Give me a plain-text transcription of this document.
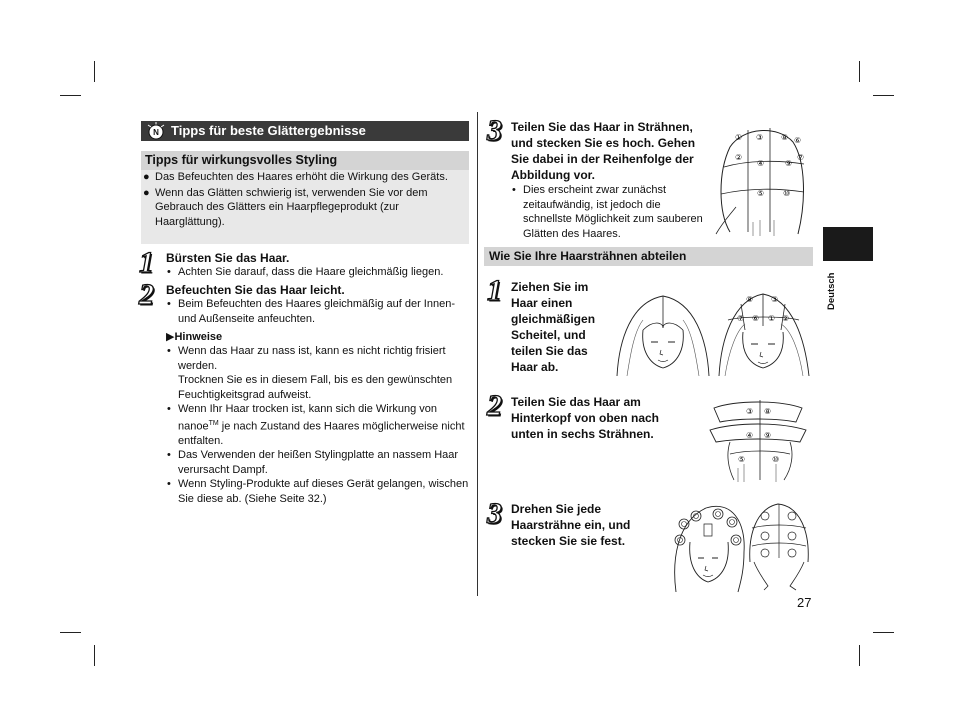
N Tipps für beste Glättergebnisse
Tipps für wirkungsvolles Styling
● Das Befeuchten des Haares erhöht die Wirkung des Geräts.
● Wenn das Glätten schwierig ist, verwenden Sie vor dem Gebrauch des Glätters ein Haarpflegeprodukt (zur Haarglättung).
1 Bürsten Sie das Haar.
• Achten Sie darauf, dass die Haare gleichmäßig liegen.
2 Befeuchten Sie das Haar leicht.
• Beim Befeuchten des Haares gleichmäßig auf der Innen- und Außenseite anfeuchten.
▶Hinweise
• Wenn das Haar zu nass ist, kann es nicht richtig frisiert werden.
Trocknen Sie es in diesem Fall, bis es den gewünschten Feuchtigkeitsgrad aufweist.
• Wenn Ihr Haar trocken ist, kann sich die Wirkung von nanoe™ je nach Zustand des Haares möglicherweise nicht entfalten.
• Das Verwenden der heißen Stylingplatte an nassem Haar verursacht Dampf.
• Wenn Styling-Produkte auf dieses Gerät gelangen, wischen Sie diese ab. (Siehe Seite 32.)
3 Teilen Sie das Haar in Strähnen, und stecken Sie es hoch. Gehen Sie dabei in der Reihenfolge der Abbildung vor.
• Dies erscheint zwar zunächst zeitaufwändig, ist jedoch die schnellste Möglichkeit zum sauberen Glätten des Haares.
① ③ ⑧ ⑥
②
④	⑨
⑦
⑤ ⑩
Wie Sie Ihre Haarsträhnen abteilen
1 Ziehen Sie im Haar einen gleichmäßigen Scheitel, und teilen Sie das Haar ab.
⑧ ③
⑦ ⑥ ① ②
2 Teilen Sie das Haar am Hinterkopf von oben nach unten in sechs Strähnen.
③ ⑧
④ ⑨
⑤	⑩
3 Drehen Sie jede Haarsträhne ein, und stecken Sie sie fest.
Deutsch
27
